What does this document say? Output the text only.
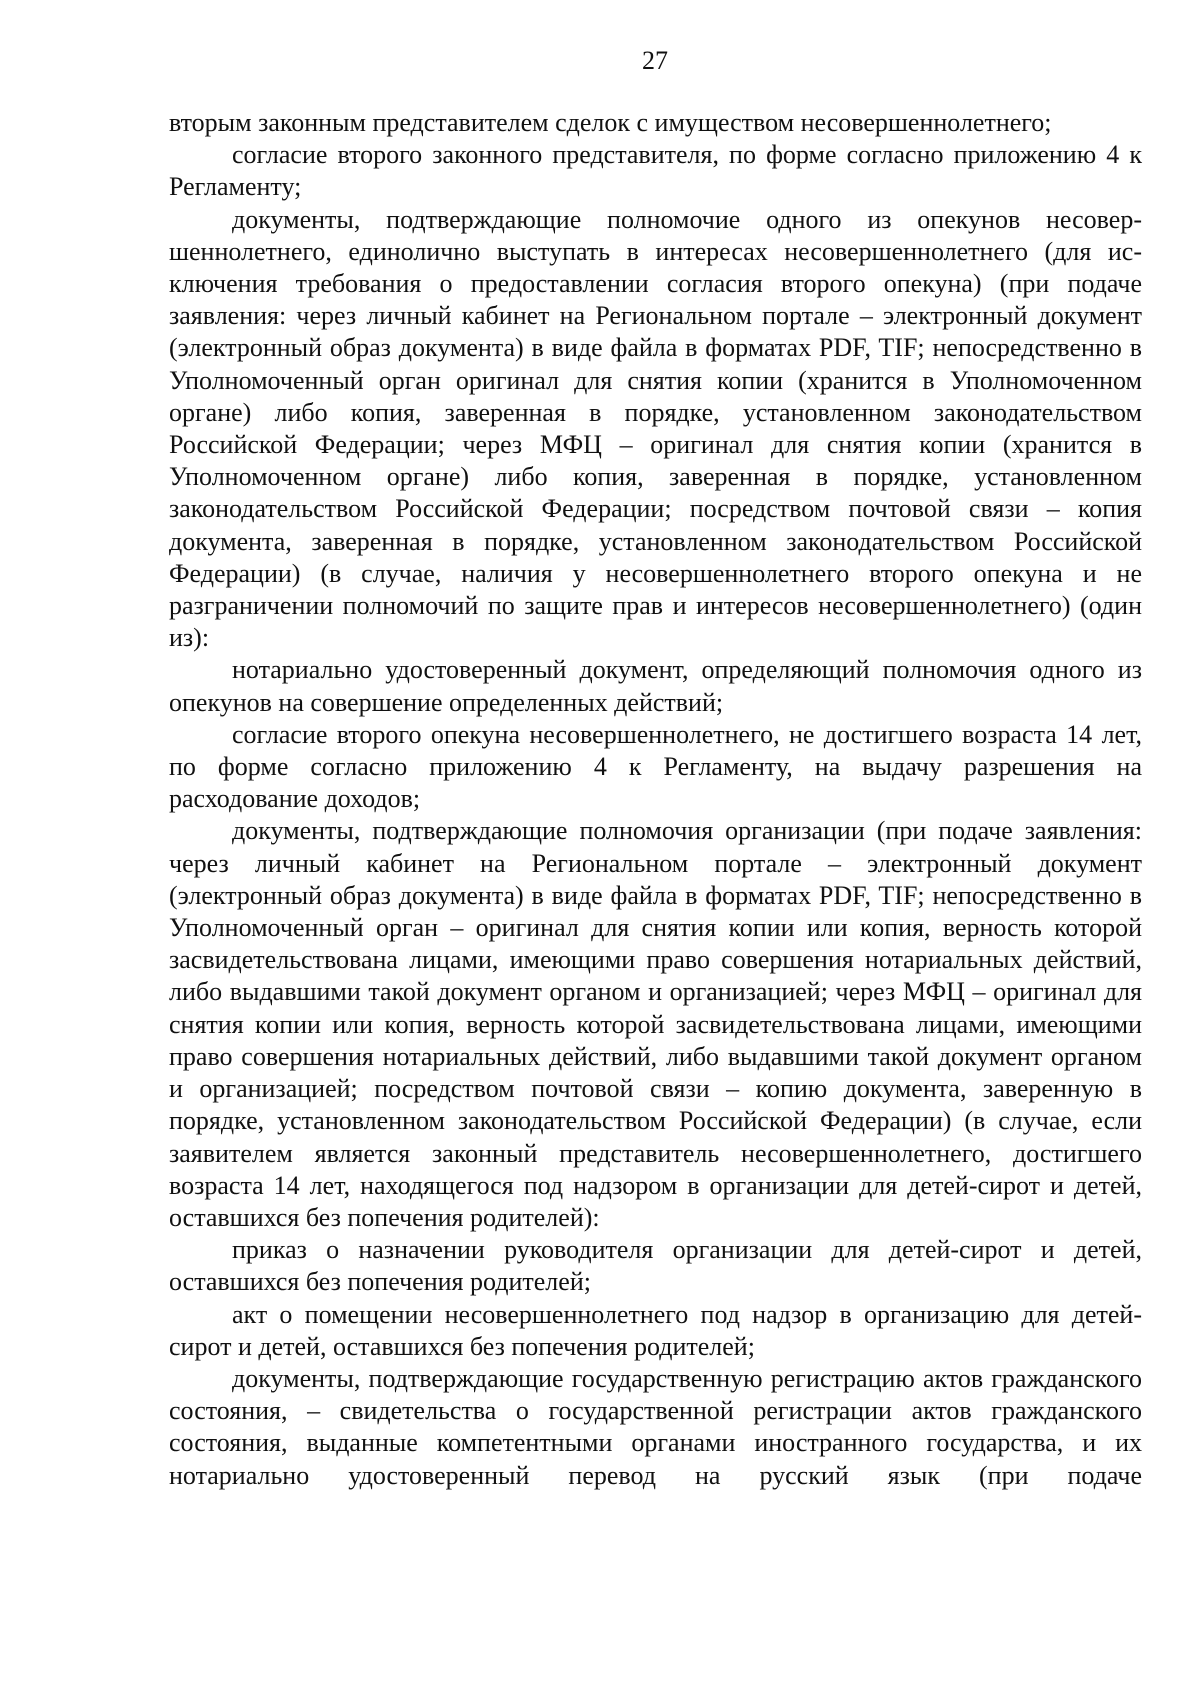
27

вторым законным представителем сделок с имуществом несовершеннолетнего;

согласие второго законного представителя, по форме согласно приложению 4 к Регламенту;

документы, подтверждающие полномочие одного из опекунов несовершеннолетнего, единолично выступать в интересах несовершеннолетнего (для исключения требования о предоставлении согласия второго опекуна) (при подаче заявления: через личный кабинет на Региональном портале – электронный документ (электронный образ документа) в виде файла в форматах PDF, TIF; непосредственно в Уполномоченный орган оригинал для снятия копии (хранится в Уполномоченном органе) либо копия, заверенная в порядке, установленном законодательством Российской Федерации; через МФЦ – оригинал для снятия копии (хранится в Уполномоченном органе) либо копия, заверенная в порядке, установленном законодательством Российской Федерации; посредством почтовой связи – копия документа, заверенная в порядке, установленном законодательством Российской Федерации) (в случае, наличия у несовершеннолетнего второго опекуна и не разграничении полномочий по защите прав и интересов несовершеннолетнего) (один из):

нотариально удостоверенный документ, определяющий полномочия одного из опекунов на совершение определенных действий;

согласие второго опекуна несовершеннолетнего, не достигшего возраста 14 лет, по форме согласно приложению 4 к Регламенту, на выдачу разрешения на расходование доходов;

документы, подтверждающие полномочия организации (при подаче заявления: через личный кабинет на Региональном портале – электронный документ (электронный образ документа) в виде файла в форматах PDF, TIF; непосредственно в Уполномоченный орган – оригинал для снятия копии или копия, верность которой засвидетельствована лицами, имеющими право совершения нотариальных действий, либо выдавшими такой документ органом и организацией; через МФЦ – оригинал для снятия копии или копия, верность которой засвидетельствована лицами, имеющими право совершения нотариальных действий, либо выдавшими такой документ органом и организацией; посредством почтовой связи – копию документа, заверенную в порядке, установленном законодательством Российской Федерации) (в случае, если заявителем является законный представитель несовершеннолетнего, достигшего возраста 14 лет, находящегося под надзором в организации для детей-сирот и детей, оставшихся без попечения родителей):

приказ о назначении руководителя организации для детей-сирот и детей, оставшихся без попечения родителей;

акт о помещении несовершеннолетнего под надзор в организацию для детей-сирот и детей, оставшихся без попечения родителей;

документы, подтверждающие государственную регистрацию актов гражданского состояния, – свидетельства о государственной регистрации актов гражданского состояния, выданные компетентными органами иностранного государства, и их нотариально удостоверенный перевод на русский язык (при подаче
